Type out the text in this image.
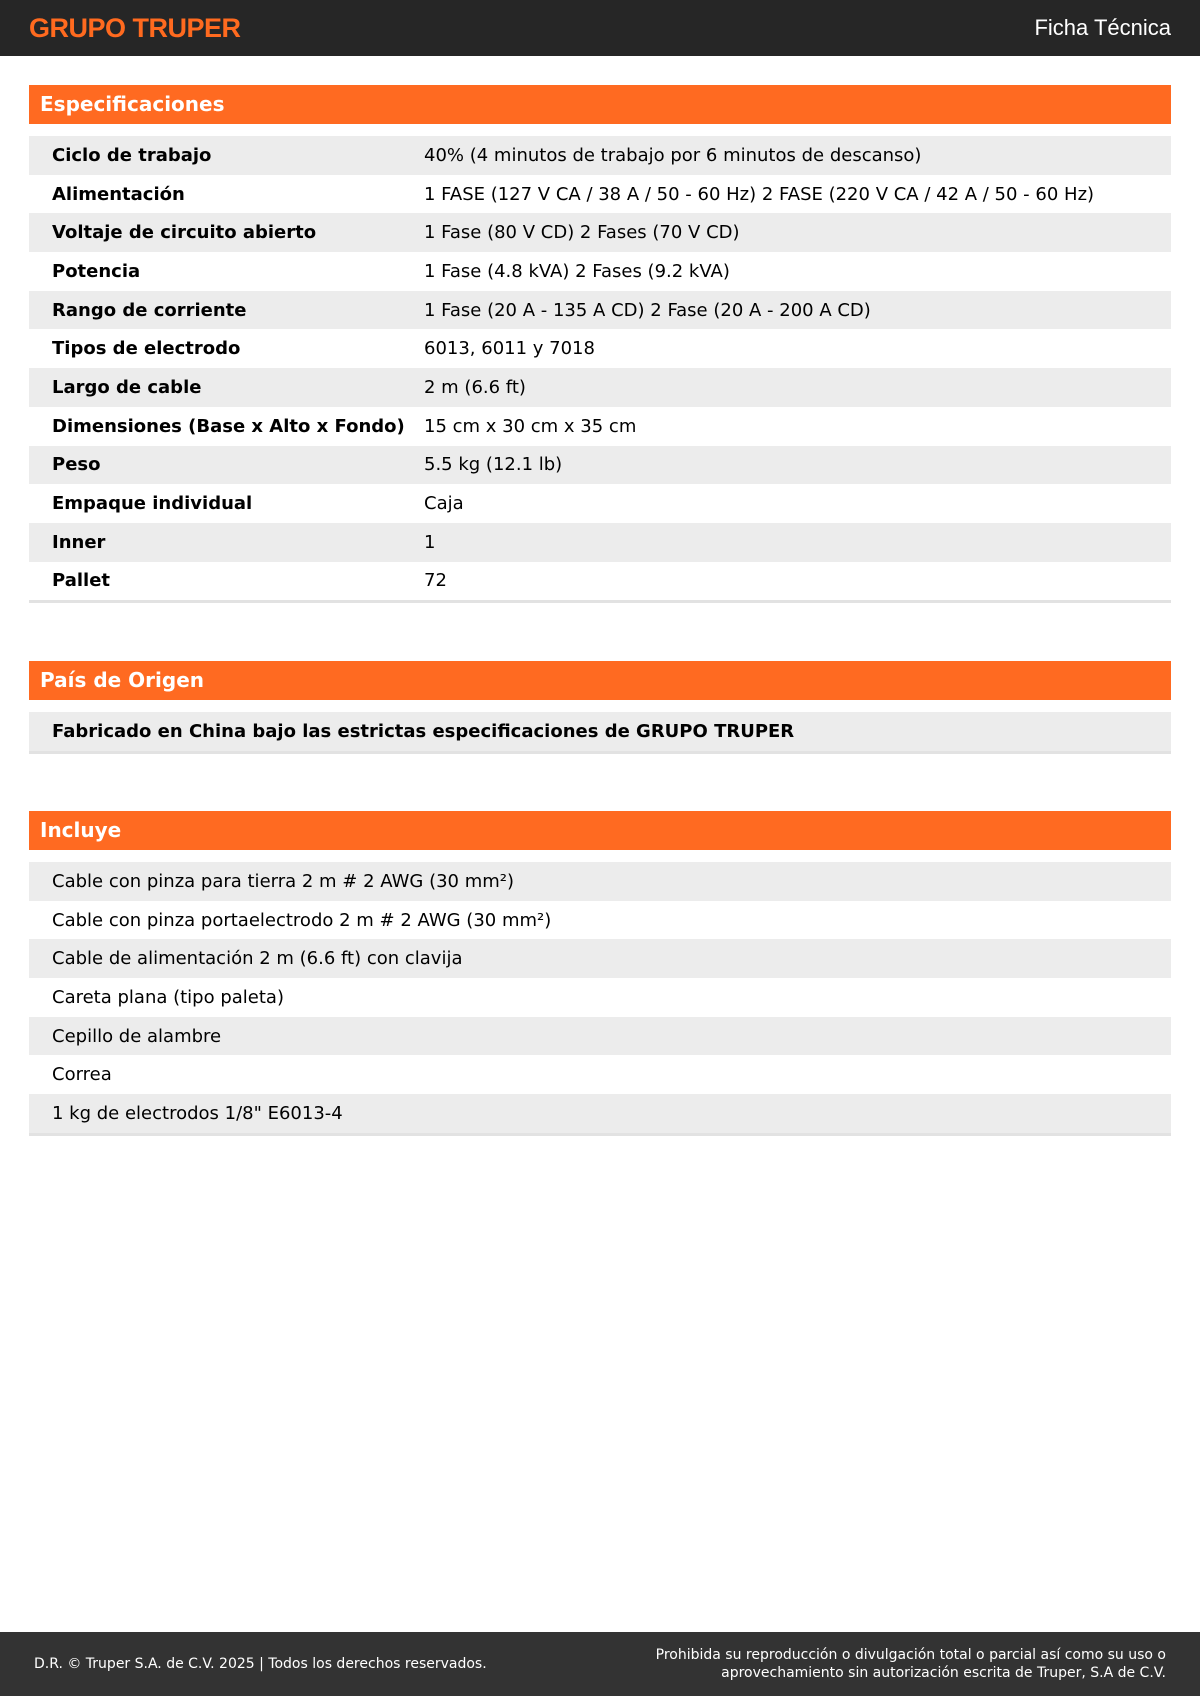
GRUPO TRUPER	Ficha Técnica
Especificaciones
Ciclo de trabajo	40% (4 minutos de trabajo por 6 minutos de descanso)
Alimentación	1 FASE (127 V CA / 38 A / 50 - 60 Hz) 2 FASE (220 V CA / 42 A / 50 - 60 Hz)
Voltaje de circuito abierto	1 Fase (80 V CD) 2 Fases (70 V CD)
Potencia	1 Fase (4.8 kVA) 2 Fases (9.2 kVA)
Rango de corriente	1 Fase (20 A - 135 A CD) 2 Fase (20 A - 200 A CD)
Tipos de electrodo	6013, 6011 y 7018
Largo de cable	2 m (6.6 ft)
Dimensiones (Base x Alto x Fondo)	15 cm x 30 cm x 35 cm
Peso	5.5 kg (12.1 lb)
Empaque individual	Caja
Inner	1
Pallet	72
País de Origen
Fabricado en China bajo las estrictas especificaciones de GRUPO TRUPER
Incluye
Cable con pinza para tierra 2 m # 2 AWG (30 mm²)
Cable con pinza portaelectrodo 2 m # 2 AWG (30 mm²)
Cable de alimentación 2 m (6.6 ft) con clavija
Careta plana (tipo paleta)
Cepillo de alambre
Correa
1 kg de electrodos 1/8" E6013-4
D.R. © Truper S.A. de C.V. 2025 | Todos los derechos reservados.
Prohibida su reproducción o divulgación total o parcial así como su uso o
aprovechamiento sin autorización escrita de Truper, S.A de C.V.
